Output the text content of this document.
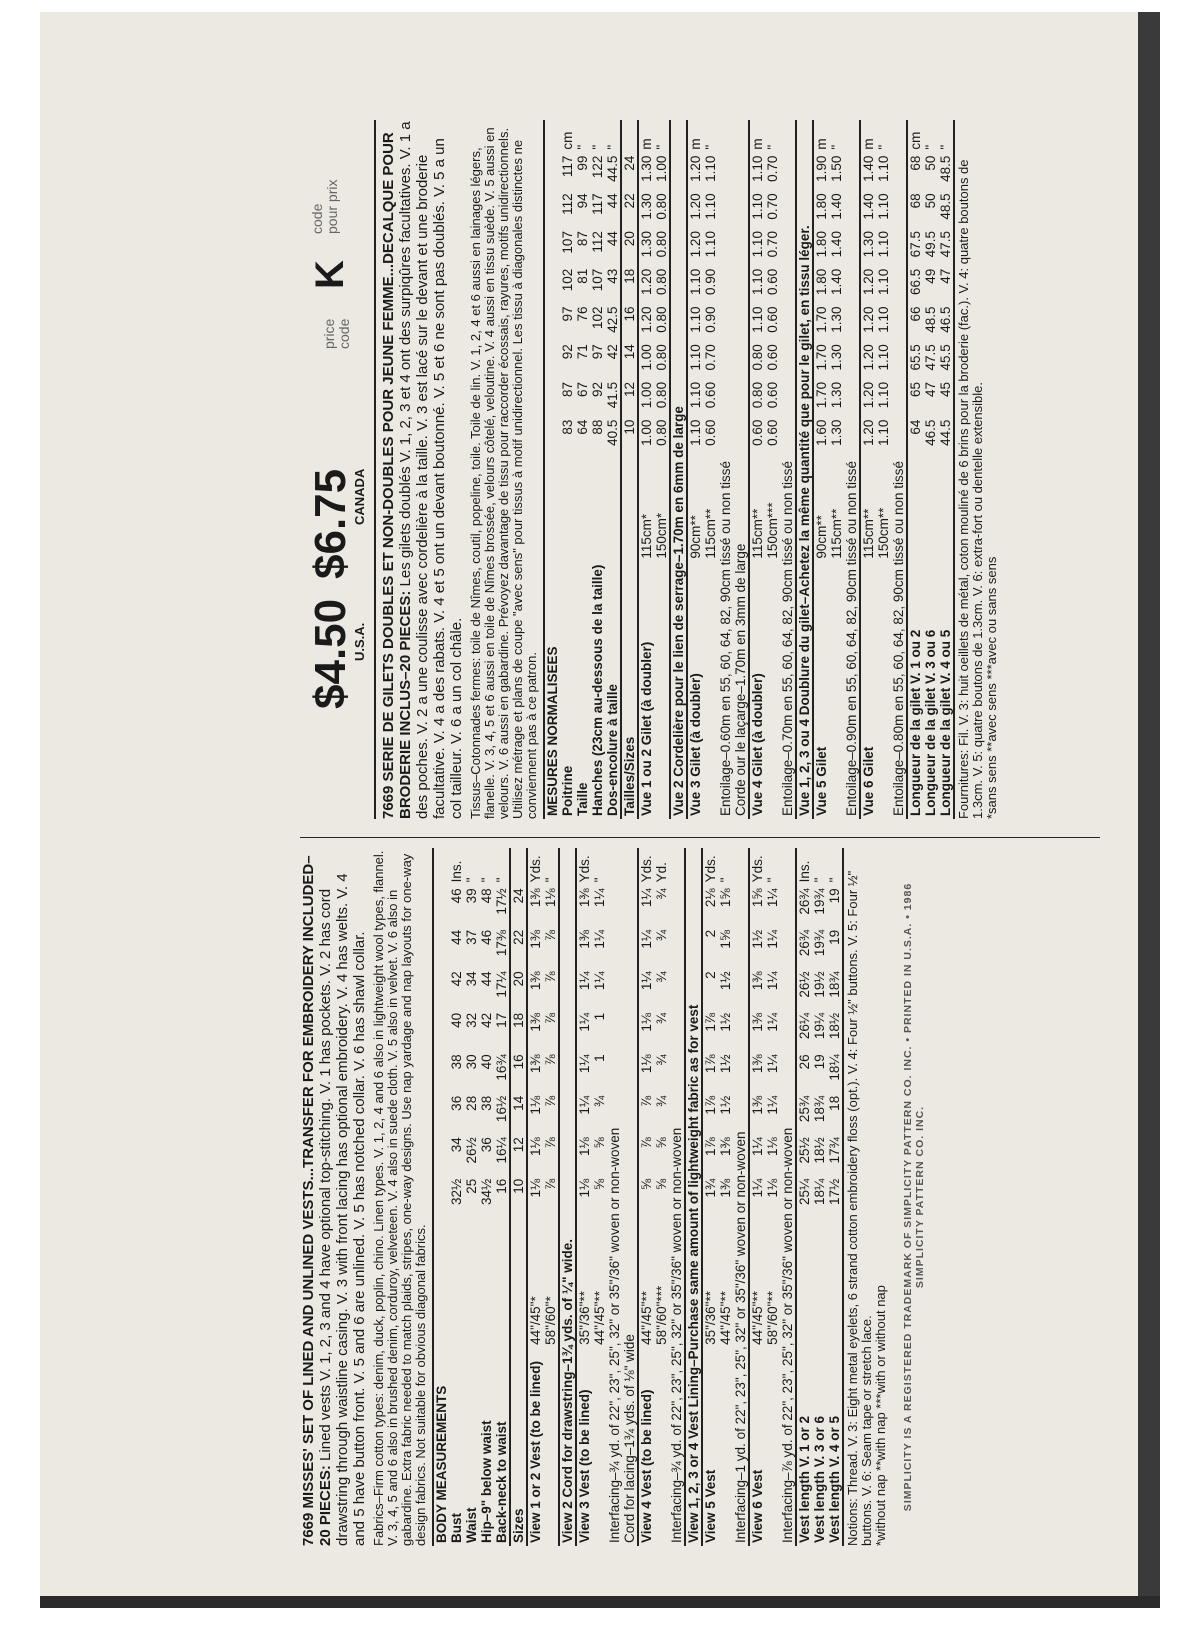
7669 MISSES' SET OF LINED AND UNLINED VESTS...TRANSFER FOR EMBROIDERY INCLUDED–20 PIECES: Lined vests V. 1, 2, 3 and 4 have optional top-stitching. V. 1 has pockets. V. 2 has cord drawstring through waistline casing. V. 3 with front lacing has optional embroidery. V. 4 has welts. V. 4 and 5 have button front. V. 5 and 6 are unlined. V. 5 has notched collar. V. 6 has shawl collar. Fabrics–Firm cotton types: denim, duck, poplin, chino. Linen types. V. 1, 2, 4 and 6 also in lightweight wool types, flannel. V. 3, 4, 5 and 6 also in brushed denim, corduroy, velveteen. V. 4 also in suede cloth. V. 5 also in velvet. V. 6 also in gabardine. Extra fabric needed to match plaids, stripes, one-way designs. Use nap yardage and nap layouts for one-way design fabrics. Not suitable for obvious diagonal fabrics. BODY MEASUREMENTS										
Bust		32½	34	36	38	40	42	44	46	Ins.
Waist		25	26½	28	30	32	34	37	39	"
Hip–9" below waist		34½	36	38	40	42	44	46	48	"
Back-neck to waist		16	16¼	16½	16¾	17	17¼	17⅜	17½	"
Sizes		10	12	14	16	18	20	22	24	
View 1 or 2 Vest (to be lined)	44"/45"*	1⅛	1⅛	1⅛	1⅜	1⅜	1⅜	1⅜	1⅜	Yds.
	58"/60"*	⅞	⅞	⅞	⅞	⅞	⅞	⅞	1⅛	"
View 2 Cord for drawstring–1¾ yds. of ¼" wide.										
View 3 Vest (to be lined)	35"/36"**	1⅛	1⅛	1¼	1¼	1¼	1¼	1⅜	1⅜	Yds.
	44"/45"**	⅝	⅝	¾	1	1	1¼	1¼	1¼	"
Interfacing–¾ yd. of 22", 23", 25", 32" or 35"/36" woven or non-woven										
Cord for lacing–1¾ yds. of ⅛" wide										
View 4 Vest (to be lined)	44"/45"**	⅝	⅞	⅞	1⅛	1⅛	1¼	1¼	1¼	Yds.
	58"/60"***	⅝	⅝	¾	¾	¾	¾	¾	¾	Yd.
Interfacing–¾ yd. of 22", 23", 25", 32" or 35"/36" woven or non-woven										
View 1, 2, 3 or 4 Vest Lining–Purchase same amount of lightweight fabric as for vest										
View 5 Vest	35"/36"**	1¾	1⅞	1⅞	1⅞	1⅞	2	2	2⅛	Yds.
	44"/45"**	1⅜	1⅜	1½	1½	1½	1½	1⅝	1⅝	"
Interfacing–1 yd. of 22", 23", 25", 32" or 35"/36" woven or non-woven										
View 6 Vest	44"/45"**	1¼	1¼	1⅜	1⅜	1⅜	1⅜	1½	1⅝	Yds.
	58"/60"**	1⅛	1⅛	1¼	1¼	1¼	1¼	1¼	1¼	"
Interfacing–⅞ yd. of 22", 23", 25", 32" or 35"/36" woven or non-woven										
Vest length V. 1 or 2		25¼	25½	25¾	26	26¼	26½	26¾	26¾	Ins.
Vest length V. 3 or 6		18¼	18½	18¾	19	19¼	19½	19¾	19¾	"
Vest length V. 4 or 5		17½	17¾	18	18¼	18½	18¾	19	19	" Notions: Thread. V. 3: Eight metal eyelets, 6 strand cotton embroidery floss (opt.). V. 4: Four ½" buttons. V. 5: Four ½" buttons. V. 6: Seam tape or stretch lace. *without nap **with nap ***with or without nap SIMPLICITY IS A REGISTERED TRADEMARK OF SIMPLICITY PATTERN CO. INC. • PRINTED IN U.S.A. • 1986 SIMPLICITY PATTERN CO. INC.

$4.50
U.S.A.
$6.75
CANADA
price code
K
code pour prix	7669 SERIE DE GILETS DOUBLES ET NON-DOUBLES POUR JEUNE FEMME...DECALQUE POUR BRODERIE INCLUS–20 PIECES: Les gilets doublés V. 1, 2, 3 et 4 ont des surpiqûres facultatives. V. 1 a des poches. V. 2 a une coulisse avec cordelière à la taille. V. 3 est lacé sur le devant et une broderie facultative. V. 4 a des rabats. V. 4 et 5 ont un devant boutonné. V. 5 et 6 ne sont pas doublés. V. 5 a un col tailleur. V. 6 a un col châle. Tissus–Cotonnades fermes: toile de Nîmes, coutil, popeline, toile. Toile de lin. V. 1, 2, 4 et 6 aussi en lainages légers, flanelle. V. 3, 4, 5 et 6 aussi en toile de Nîmes brossée, velours côtelé, veloutine. V. 4 aussi en tissu suède. V. 5 aussi en velours. V. 6 aussi en gabardine. Prévoyez davantage de tissu pour raccorder écossais, rayures, motifs unidirectionnels. Utilisez métrage et plans de coupe "avec sens" pour tissus à motif unidirectionnel. Les tissu à diagonales distinctes ne conviennent pas à ce patron. MESURES NORMALISEES										
Poitrine		83	87	92	97	102	107	112	117	cm
Taille		64	67	71	76	81	87	94	99	"
Hanches (23cm au-dessous de la taille)		88	92	97	102	107	112	117	122	"
Dos-encolure à taille		40.5	41.5	42	42.5	43	44	44	44.5	"
Tailles/Sizes		10	12	14	16	18	20	22	24	
Vue 1 ou 2 Gilet (à doubler)	115cm*	1.00	1.00	1.00	1.20	1.20	1.30	1.30	1.30	m
	150cm*	0.80	0.80	0.80	0.80	0.80	0.80	0.80	1.00	"
Vue 2 Cordelière pour le lien de serrage–1.70m en 6mm de large										
Vue 3 Gilet (à doubler)	90cm**	1.10	1.10	1.10	1.10	1.10	1.20	1.20	1.20	m
	115cm**	0.60	0.60	0.70	0.90	0.90	1.10	1.10	1.10	"
Entoilage–0.60m en 55, 60, 64, 82, 90cm tissé ou non tissé										
Corde our le laçarge–1.70m en 3mm de large										
Vue 4 Gilet (à doubler)	115cm**	0.60	0.80	0.80	1.10	1.10	1.10	1.10	1.10	m
	150cm***	0.60	0.60	0.60	0.60	0.60	0.70	0.70	0.70	"
Entoilage–0.70m en 55, 60, 64, 82, 90cm tissé ou non tissé										
Vue 1, 2, 3 ou 4 Doublure du gilet–Achetez la même quantité que pour le gilet, en tissu léger.										
Vue 5 Gilet	90cm**	1.60	1.70	1.70	1.70	1.80	1.80	1.80	1.90	m
	115cm**	1.30	1.30	1.30	1.30	1.40	1.40	1.40	1.50	"
Entoilage–0.90m en 55, 60, 64, 82, 90cm tissé ou non tissé										
Vue 6 Gilet	115cm**	1.20	1.20	1.20	1.20	1.20	1.30	1.40	1.40	m
	150cm**	1.10	1.10	1.10	1.10	1.10	1.10	1.10	1.10	"
Entoilage–0.80m en 55, 60, 64, 82, 90cm tissé ou non tissé										
Longueur de la gilet V. 1 ou 2		64	65	65.5	66	66.5	67.5	68	68	cm
Longueur de la gilet V. 3 ou 6		46.5	47	47.5	48.5	49	49.5	50	50	"
Longueur de la gilet V. 4 ou 5		44.5	45	45.5	46.5	47	47.5	48.5	48.5	"

Fournitures: Fil. V. 3: huit oeillets de métal, coton mouliné de 6 brins pour la broderie (fac.). V. 4: quatre boutons de 1.3cm. V. 5: quatre boutons de 1.3cm. V. 6: extra-fort ou dentelle extensible. *sans sens **avec sens ***avec ou sans sens
